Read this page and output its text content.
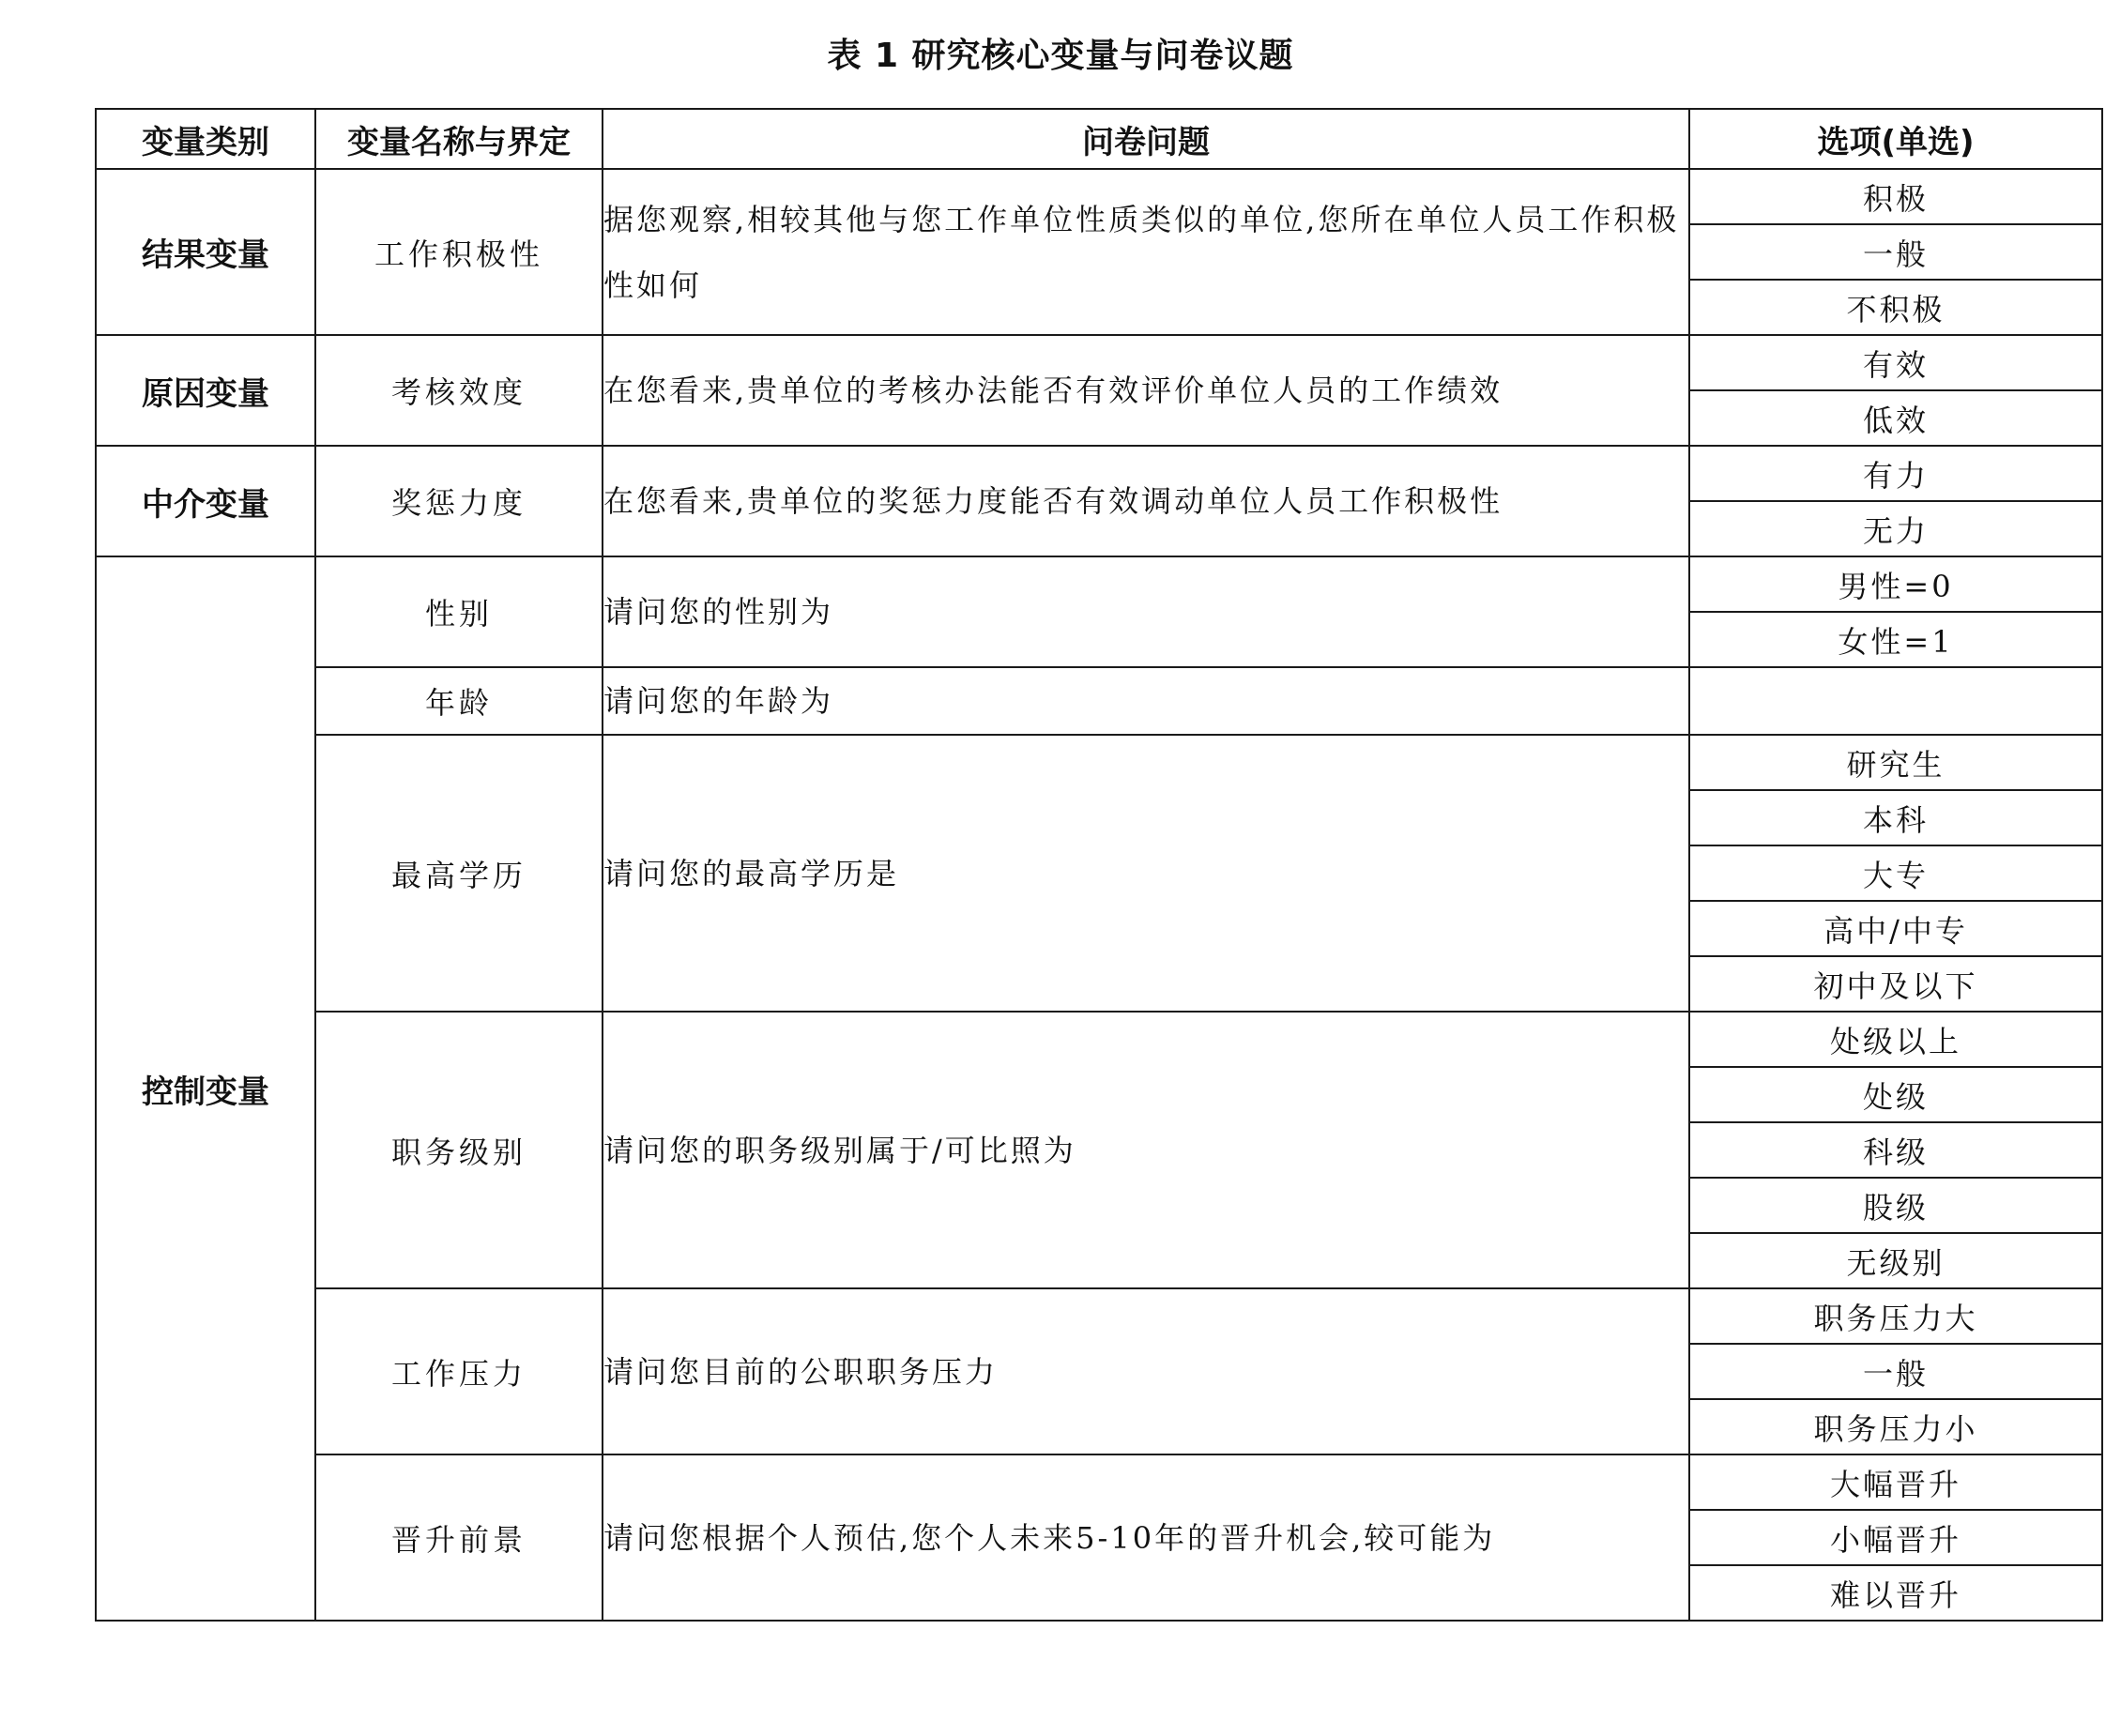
表 1 研究核心变量与问卷议题
变量类别	变量名称与界定	问卷问题	选项(单选)
结果变量	工作积极性	据您观察,相较其他与您工作单位性质类似的单位,您所在单位人员工作积极性如何	积极
			一般
			不积极
原因变量	考核效度	在您看来,贵单位的考核办法能否有效评价单位人员的工作绩效	有效
			低效
中介变量	奖惩力度	在您看来,贵单位的奖惩力度能否有效调动单位人员工作积极性	有力
			无力
控制变量	性别	请问您的性别为	男性=0
			女性=1
	年龄	请问您的年龄为	
	最高学历	请问您的最高学历是	研究生
			本科
			大专
			高中/中专
			初中及以下
	职务级别	请问您的职务级别属于/可比照为	处级以上
			处级
			科级
			股级
			无级别
	工作压力	请问您目前的公职职务压力	职务压力大
			一般
			职务压力小
	晋升前景	请问您根据个人预估,您个人未来5-10年的晋升机会,较可能为	大幅晋升
			小幅晋升
			难以晋升
